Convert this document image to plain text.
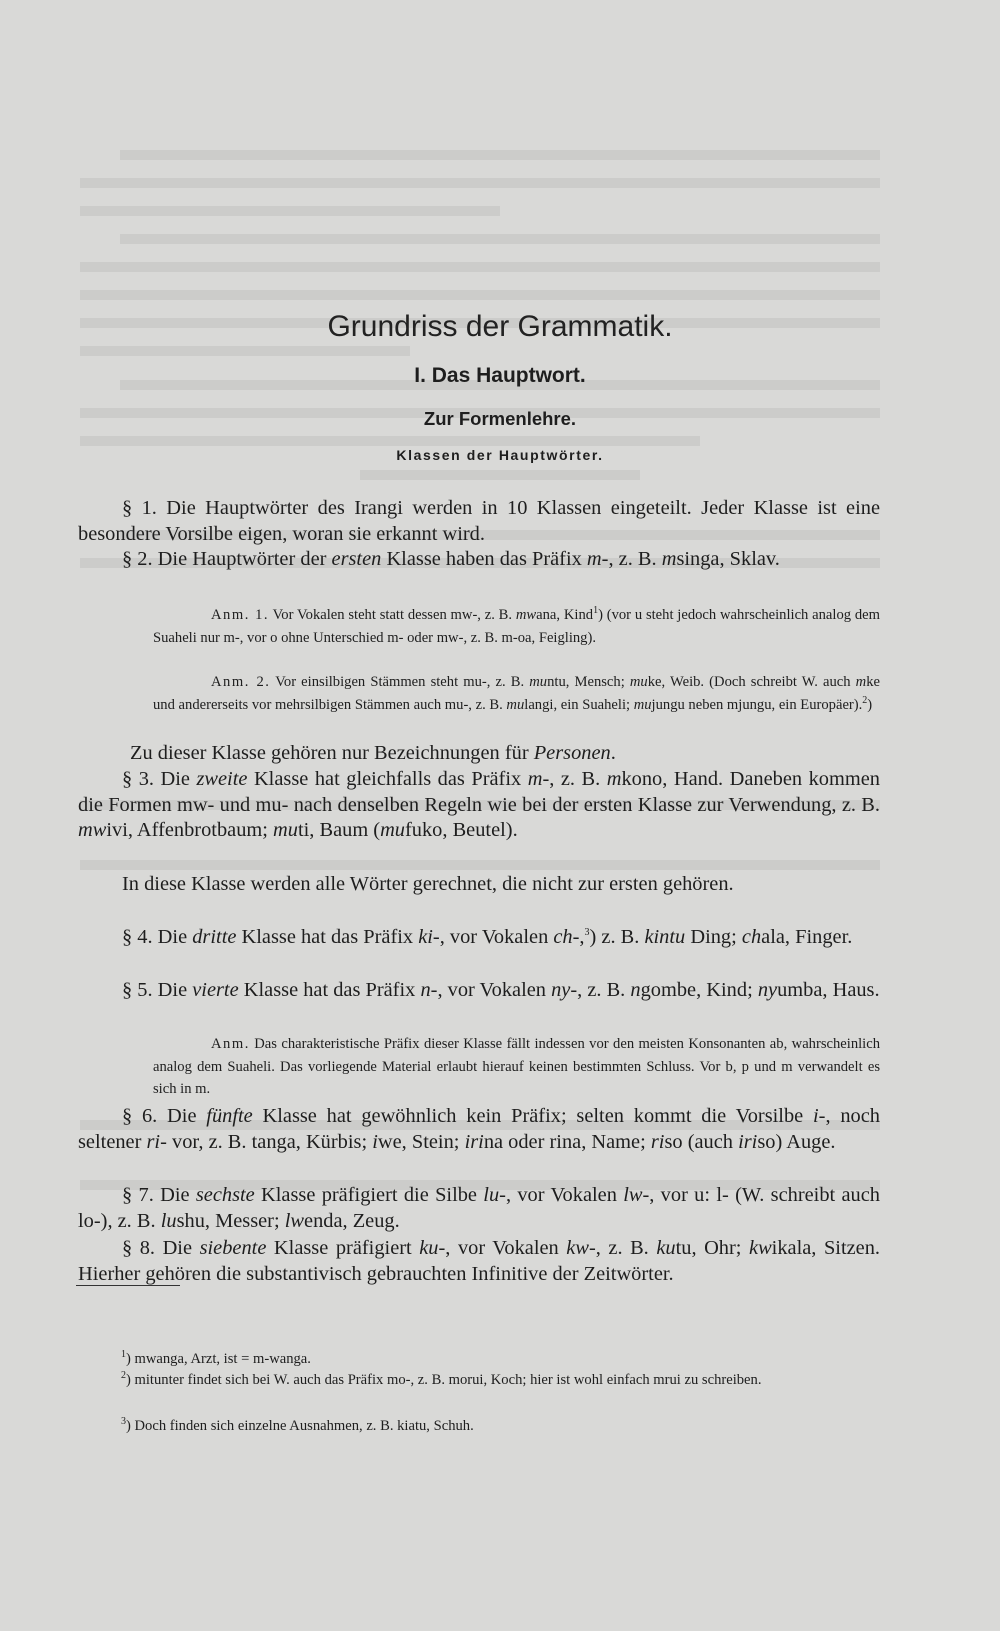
Grundriss der Grammatik.
I. Das Hauptwort.
Zur Formenlehre.
Klassen der Hauptwörter.

§ 1. Die Hauptwörter des Irangi werden in 10 Klassen eingeteilt. Jeder Klasse ist eine besondere Vorsilbe eigen, woran sie erkannt wird.

§ 2. Die Hauptwörter der ersten Klasse haben das Präfix m-, z. B. msinga, Sklav.

Anm. 1. Vor Vokalen steht statt dessen mw-, z. B. mwana, Kind$^1$) (vor u steht jedoch wahrscheinlich analog dem Suaheli nur m-, vor o ohne Unterschied m- oder mw-, z. B. m-oa, Feigling).

Anm. 2. Vor einsilbigen Stämmen steht mu-, z. B. muntu, Mensch; muke, Weib. (Doch schreibt W. auch mke und andererseits vor mehrsilbigen Stämmen auch mu-, z. B. mulangi, ein Suaheli; mujungu neben mjungu, ein Europäer).$^2$)

Zu dieser Klasse gehören nur Bezeichnungen für Personen.

§ 3. Die zweite Klasse hat gleichfalls das Präfix m-, z. B. mkono, Hand. Daneben kommen die Formen mw- und mu- nach denselben Regeln wie bei der ersten Klasse zur Verwendung, z. B. mwivi, Affenbrotbaum; muti, Baum (mufuko, Beutel).

In diese Klasse werden alle Wörter gerechnet, die nicht zur ersten gehören.

§ 4. Die dritte Klasse hat das Präfix ki-, vor Vokalen ch-,$^3$) z. B. kintu Ding; chala, Finger.

§ 5. Die vierte Klasse hat das Präfix n-, vor Vokalen ny-, z. B. ngombe, Kind; nyumba, Haus.

Anm. Das charakteristische Präfix dieser Klasse fällt indessen vor den meisten Konsonanten ab, wahrscheinlich analog dem Suaheli. Das vorliegende Material erlaubt hierauf keinen bestimmten Schluss. Vor b, p und m verwandelt es sich in m.

§ 6. Die fünfte Klasse hat gewöhnlich kein Präfix; selten kommt die Vorsilbe i-, noch seltener ri- vor, z. B. tanga, Kürbis; iwe, Stein; irina oder rina, Name; riso (auch iriso) Auge.

§ 7. Die sechste Klasse präfigiert die Silbe lu-, vor Vokalen lw-, vor u: l- (W. schreibt auch lo-), z. B. lushu, Messer; lwenda, Zeug.

§ 8. Die siebente Klasse präfigiert ku-, vor Vokalen kw-, z. B. kutu, Ohr; kwikala, Sitzen. Hierher gehören die substantivisch gebrauchten Infinitive der Zeitwörter.

$^1$) mwanga, Arzt, ist = m-wanga.

$^2$) mitunter findet sich bei W. auch das Präfix mo-, z. B. morui, Koch; hier ist wohl einfach mrui zu schreiben.

$^3$) Doch finden sich einzelne Ausnahmen, z. B. kiatu, Schuh.
